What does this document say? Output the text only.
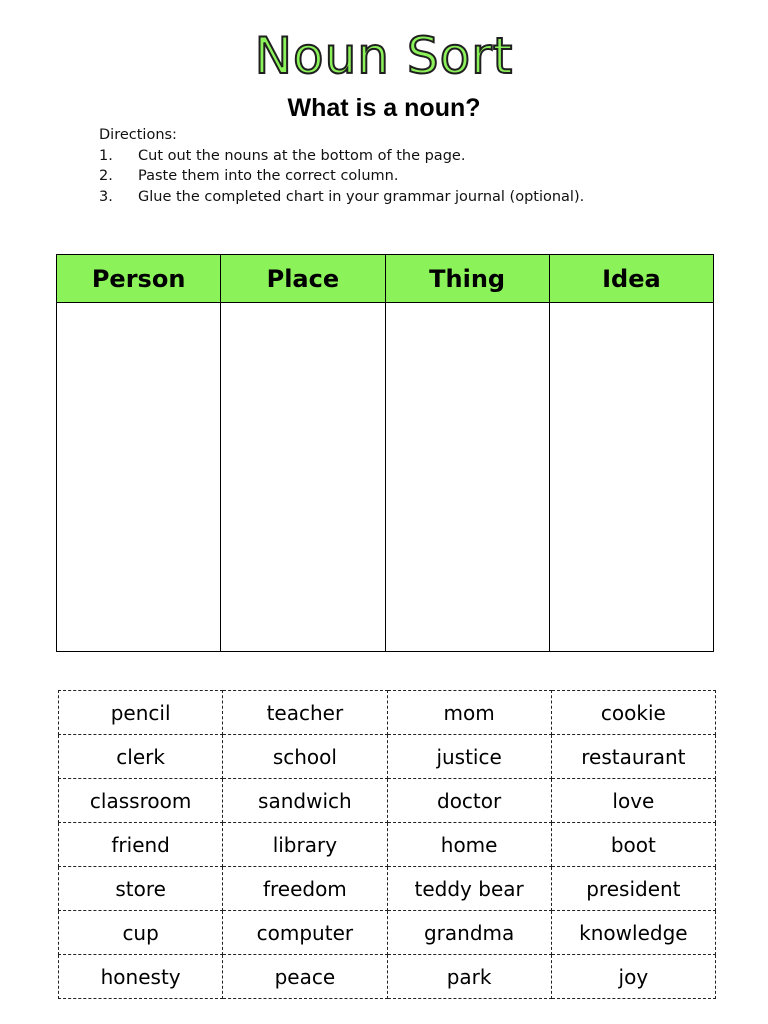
Noun Sort
What is a noun?
Directions:
1.	Cut out the nouns at the bottom of the page.
2.	Paste them into the correct column.
3.	Glue the completed chart in your grammar journal (optional).
Person	Place	Thing	Idea

pencil	teacher	mom	cookie
clerk	school	justice	restaurant
classroom	sandwich	doctor	love
friend	library	home	boot
store	freedom	teddy bear	president
cup	computer	grandma	knowledge
honesty	peace	park	joy
